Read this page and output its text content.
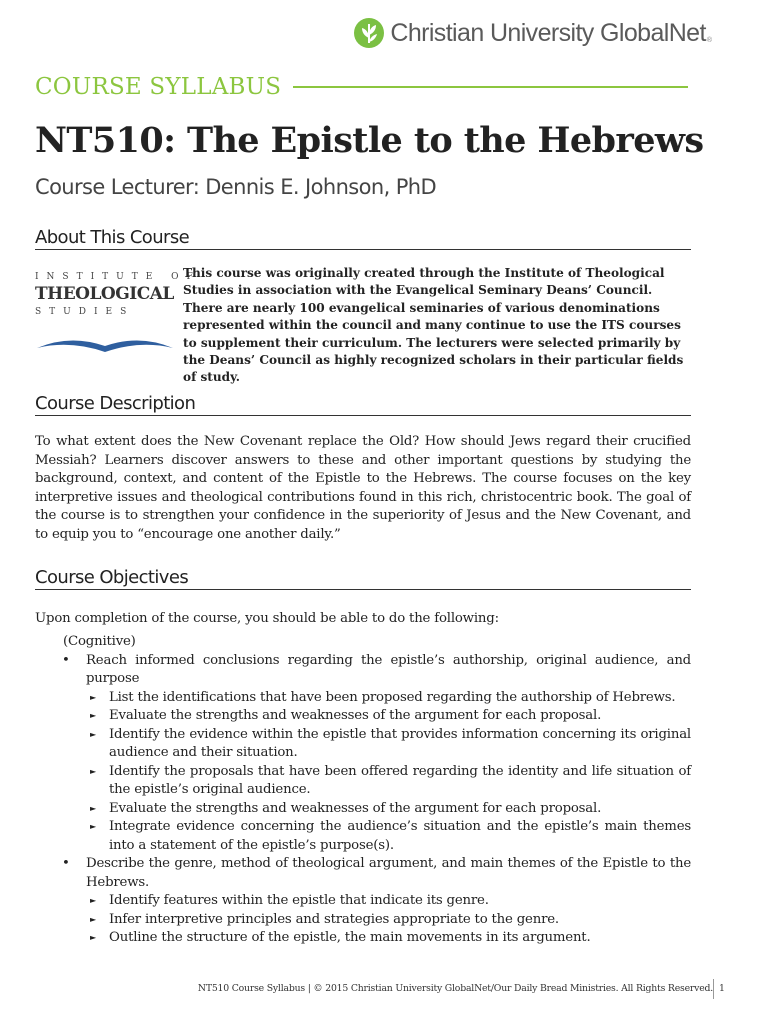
Christian University GlobalNet ®
COURSE SYLLABUS
NT510: The Epistle to the Hebrews
Course Lecturer: Dennis E. Johnson, PhD
About This Course
INSTITUTE OF
THEOLOGICAL
STUDIES

This course was originally created through the Institute of Theological Studies in association with the Evangelical Seminary Deans’ Council. There are nearly 100 evangelical seminaries of various denominations represented within the council and many continue to use the ITS courses to supplement their curriculum. The lecturers were selected primarily by the Deans’ Council as highly recognized scholars in their particular fields of study.

Course Description

To what extent does the New Covenant replace the Old? How should Jews regard their crucified Messiah? Learners discover answers to these and other important questions by studying the background, context, and content of the Epistle to the Hebrews. The course focuses on the key interpretive issues and theological contributions found in this rich, christocentric book. The goal of the course is to strengthen your confidence in the superiority of Jesus and the New Covenant, and to equip you to “encourage one another daily.”

Course Objectives

Upon completion of the course, you should be able to do the following:

(Cognitive)
• Reach informed conclusions regarding the epistle’s authorship, original audience, and purpose
► List the identifications that have been proposed regarding the authorship of Hebrews.
► Evaluate the strengths and weaknesses of the argument for each proposal.
► Identify the evidence within the epistle that provides information concerning its original audience and their situation.
► Identify the proposals that have been offered regarding the identity and life situation of the epistle’s original audience.
► Evaluate the strengths and weaknesses of the argument for each proposal.
► Integrate evidence concerning the audience’s situation and the epistle’s main themes into a statement of the epistle’s purpose(s).
• Describe the genre, method of theological argument, and main themes of the Epistle to the Hebrews.
► Identify features within the epistle that indicate its genre.
► Infer interpretive principles and strategies appropriate to the genre.
► Outline the structure of the epistle, the main movements in its argument.
NT510 Course Syllabus | © 2015 Christian University GlobalNet/Our Daily Bread Ministries. All Rights Reserved. 1
